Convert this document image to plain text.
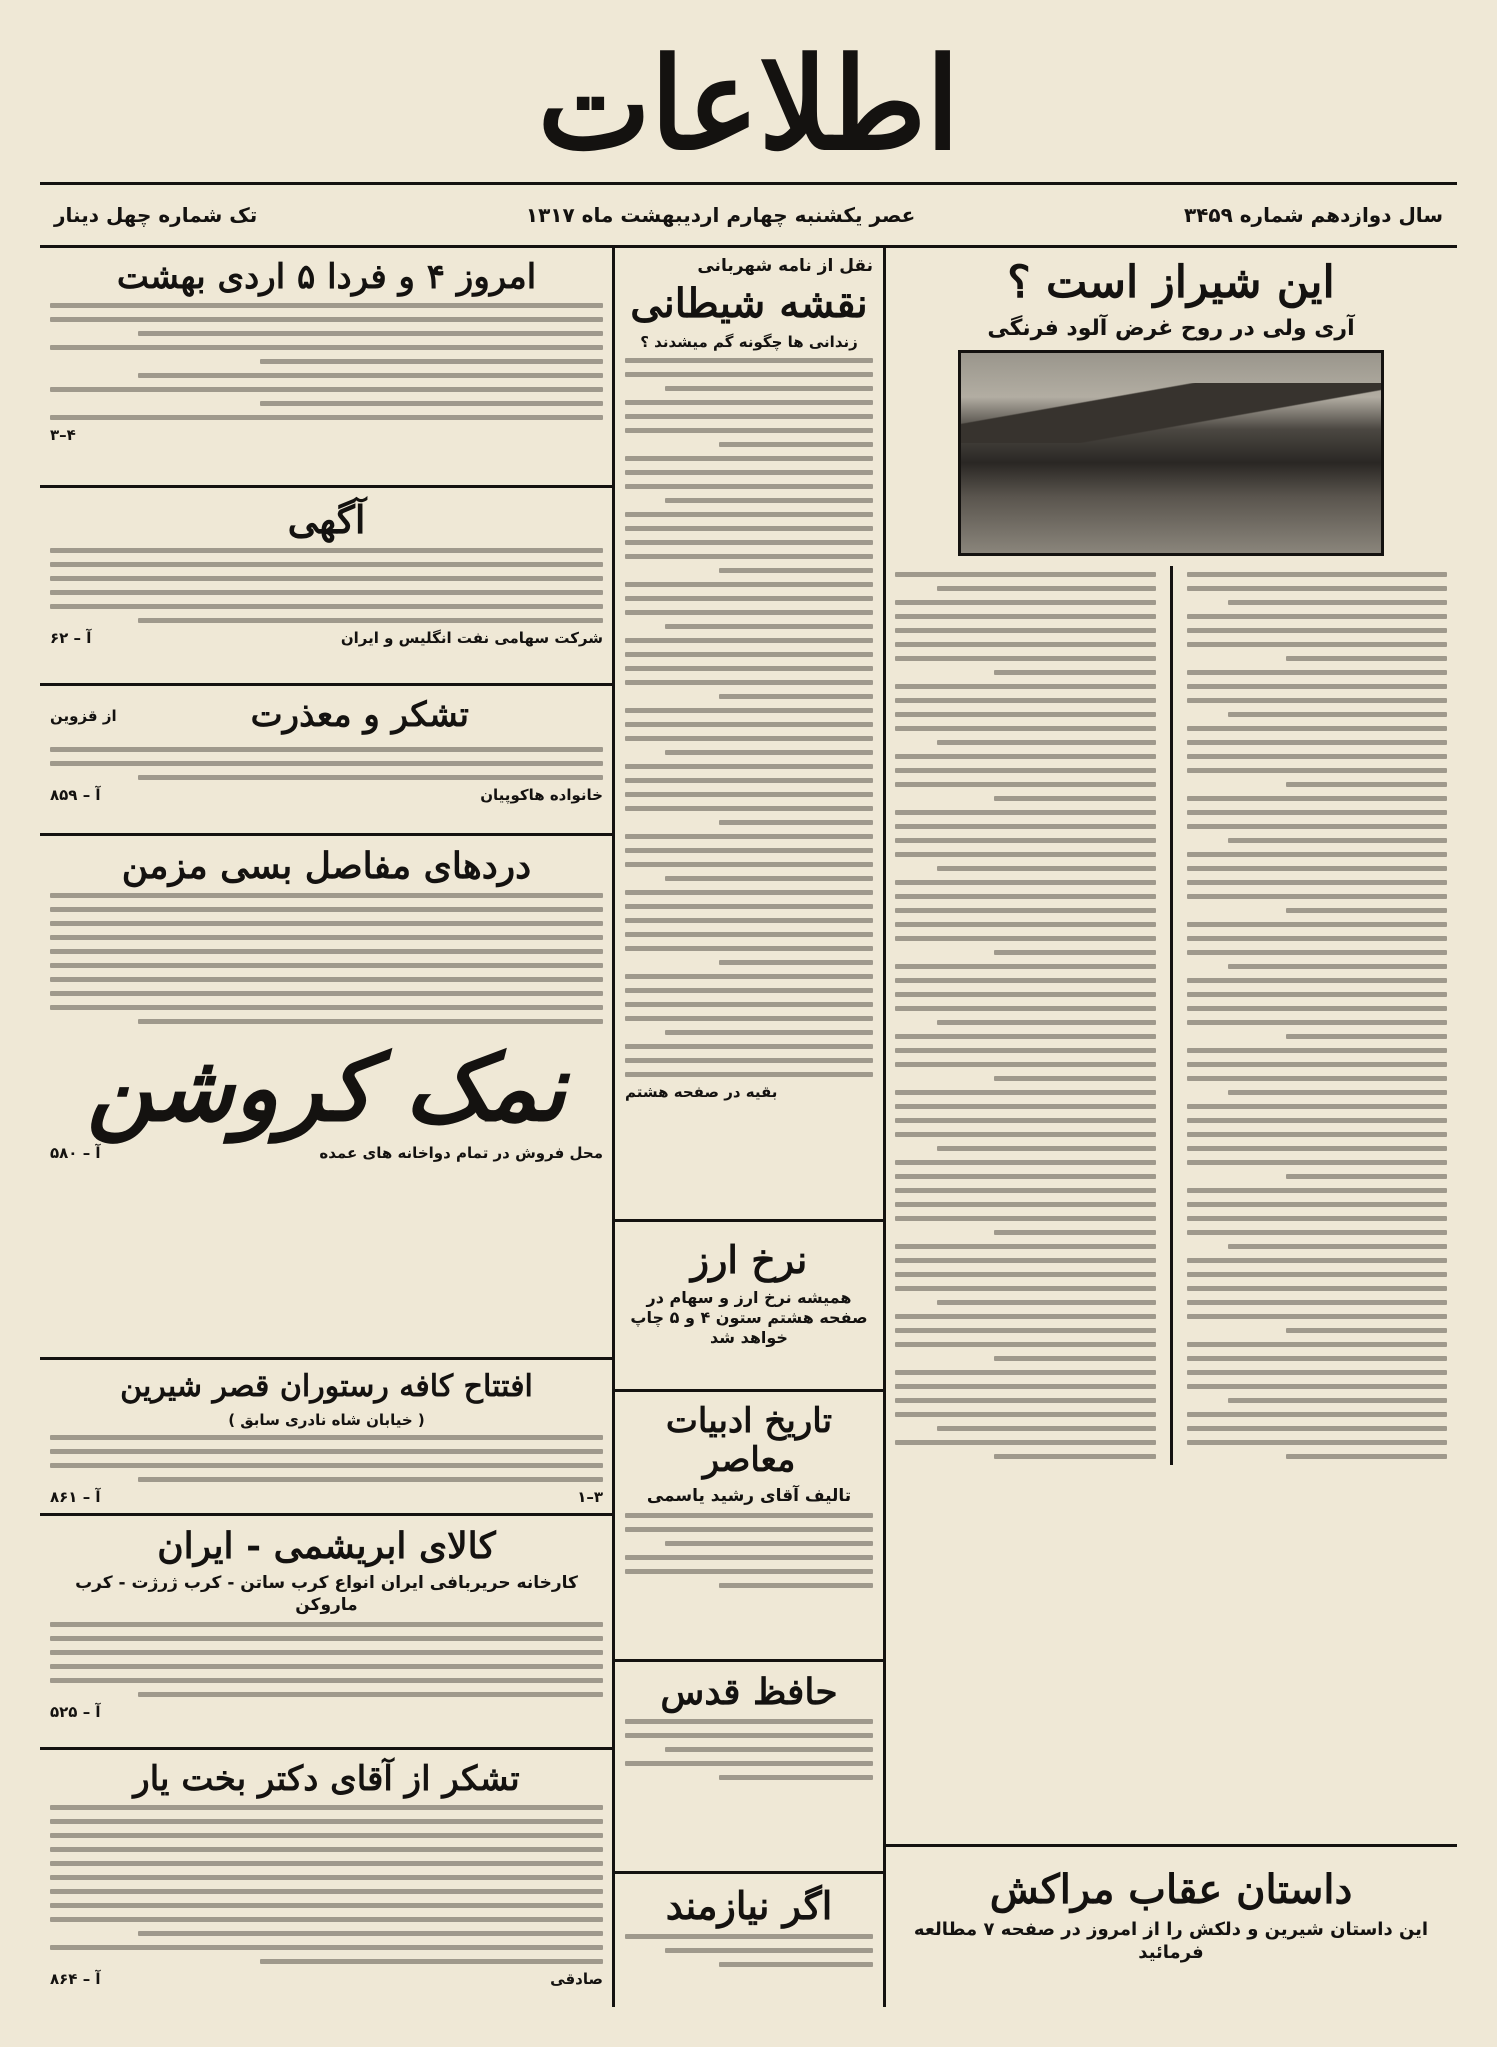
اطلاعات
سال دوازدهم شماره ۳۴۵۹
عصر یکشنبه چهارم اردیبهشت ماه ۱۳۱۷
تک شماره چهل دینار
این شیراز است ؟
آری ولی در روح غرض آلود فرنگی
داستان عقاب مراکش
این داستان شیرین و دلکش را از امروز در صفحه ۷ مطالعه فرمائید
نقل از نامه شهربانی
نقشه شیطانی
زندانی ها چگونه گم میشدند ؟
بقیه در صفحه هشتم
نرخ ارز
همیشه نرخ ارز و سهام در صفحه هشتم ستون ۴ و ۵ چاپ خواهد شد
تاریخ ادبیات معاصر
تالیف آقای رشید یاسمی
حافظ قدس
اگر نیازمند
امروز ۴ و فردا ۵ اردی بهشت
۴–۳
آگهی
شرکت سهامی نفت انگلیس و ایران
آ – ۶۲
تشکر و معذرت
از قزوین
خانواده هاکوپیان
آ – ۸۵۹
دردهای مفاصل بسی مزمن
نمک کروشن
محل فروش در تمام دواخانه های عمده
آ – ۵۸۰
افتتاح کافه رستوران قصر شیرین
( خیابان شاه نادری سابق )
۳–۱
آ – ۸۶۱
کالای ابریشمی - ایران
کارخانه حریربافی ایران انواع کرب ساتن - کرب ژرژت - کرب ماروکن
آ – ۵۲۵
تشکر از آقای دکتر بخت یار
صادقی
آ – ۸۶۴
